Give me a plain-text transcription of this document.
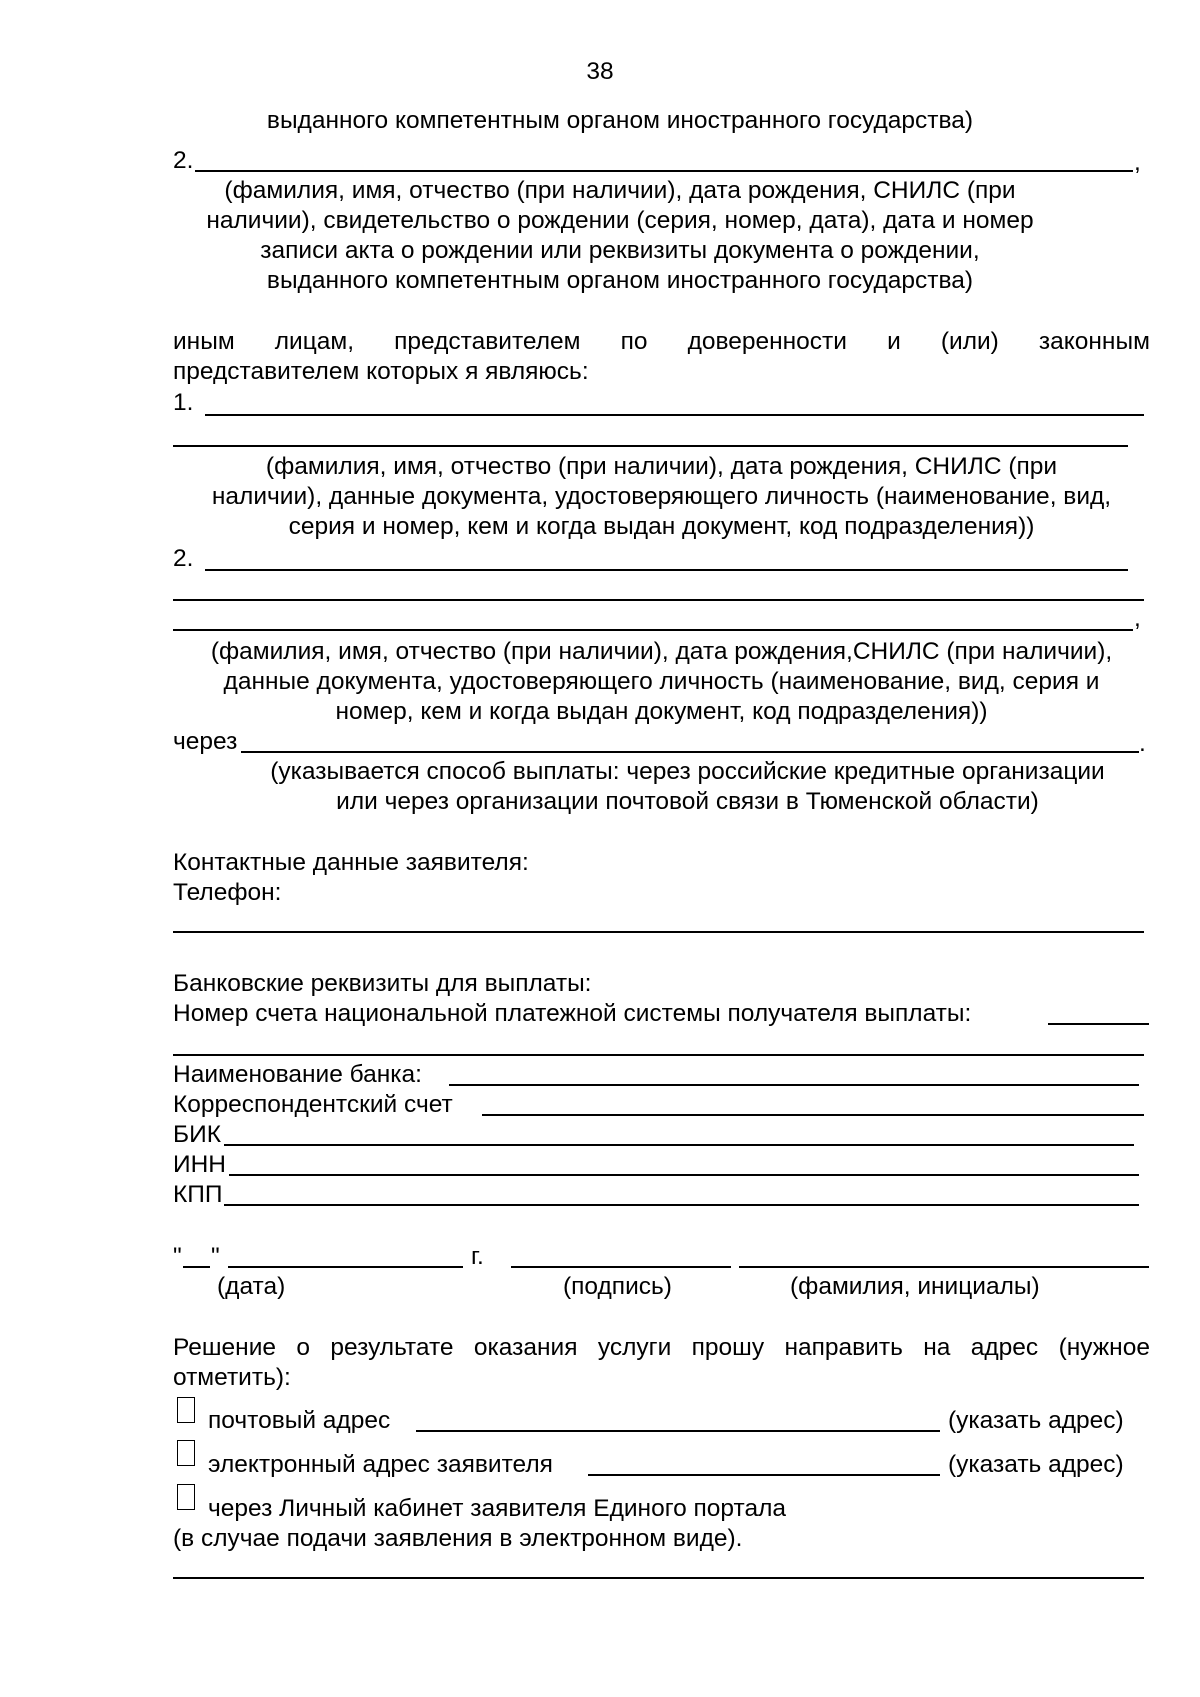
38
выданного компетентным органом иностранного государства)
2.	,
(фамилия, имя, отчество (при наличии), дата рождения, СНИЛС (при
наличии), свидетельство о рождении (серия, номер, дата), дата и номер
записи акта о рождении или реквизиты документа о рождении,
выданного компетентным органом иностранного государства)
иным лицам, представителем по доверенности и (или) законным
представителем которых я являюсь:
1.
(фамилия, имя, отчество (при наличии), дата рождения, СНИЛС (при
наличии), данные документа, удостоверяющего личность (наименование, вид,
серия и номер, кем и когда выдан документ, код подразделения))
2.
,
(фамилия, имя, отчество (при наличии), дата рождения,СНИЛС (при наличии),
данные документа, удостоверяющего личность (наименование, вид, серия и
номер, кем и когда выдан документ, код подразделения))
через	.
(указывается способ выплаты: через российские кредитные организации
или через организации почтовой связи в Тюменской области)
Контактные данные заявителя:
Телефон:
Банковские реквизиты для выплаты:
Номер счета национальной платежной системы получателя выплаты:
Наименование банка:
Корреспондентский счет
БИК
ИНН
КПП
" "	г.
(дата)	(подпись)	(фамилия, инициалы)
Решение о результате оказания услуги прошу направить на адрес (нужное
отметить):
почтовый адрес	(указать адрес)
электронный адрес заявителя	(указать адрес)
через Личный кабинет заявителя Единого портала
(в случае подачи заявления в электронном виде).
